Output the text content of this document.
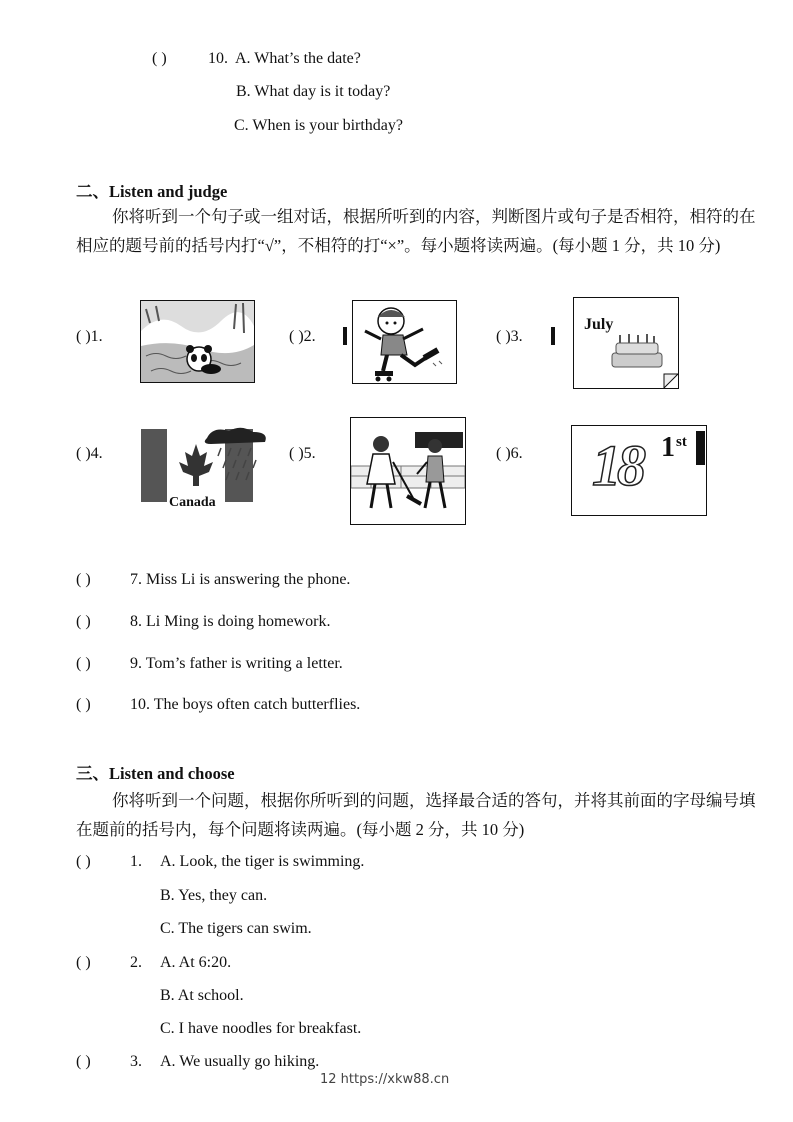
( )	10. A. What’s the date?
B. What day is it today?
C. When is your birthday?
二、Listen and judge
你将听到一个句子或一组对话，根据所听到的内容，判断图片或句子是否相符，相符的在相应的题号前的括号内打“√”，不相符的打“×”。每小题将读两遍。(每小题 1 分，共 10 分)
( )1.	( )2.	( )3.
July
( )4.	( )5.	( )6.
Canada
18 1 st
( ) 7. Miss Li is answering the phone.
( ) 8. Li Ming is doing homework.
( ) 9. Tom’s father is writing a letter.
( ) 10. The boys often catch butterflies.
三、Listen and choose
你将听到一个问题，根据你所听到的问题，选择最合适的答句，并将其前面的字母编号填在题前的括号内，每个问题将读两遍。(每小题 2 分，共 10 分)
( ) 1. A. Look, the tiger is swimming.
B. Yes, they can.
C. The tigers can swim.
( ) 2. A. At 6:20.
B. At school.
C. I have noodles for breakfast.
( ) 3. A. We usually go hiking.
12 https://xkw88.cn
